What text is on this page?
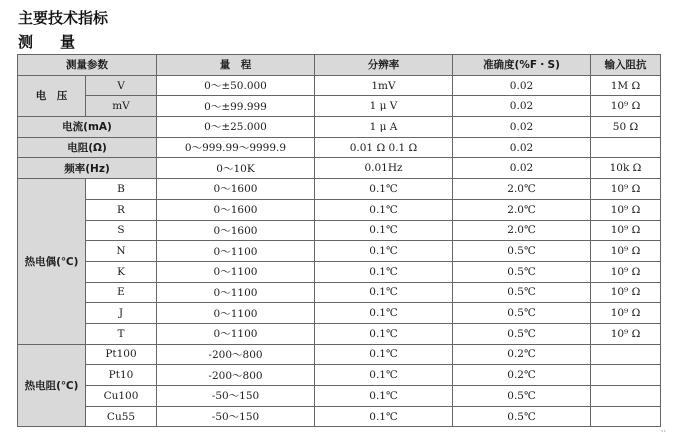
主要技术指标
测　量
测量参数		量　程	分辨率	准确度(%F・S)	输入阻抗
电　压	V	0～±50.000	1mV	0.02	1M Ω
	mV	0～±99.999	1 μ V	0.02	10⁹ Ω
电流(mA)		0～±25.000	1 μ A	0.02	50 Ω
电阻(Ω)		0～999.99～9999.9	0.01 Ω 0.1 Ω	0.02	
频率(Hz)		0～10K	0.01Hz	0.02	10k Ω
热电偶(℃)	B	0～1600	0.1℃	2.0℃	10⁹ Ω
	R	0～1600	0.1℃	2.0℃	10⁹ Ω
	S	0～1600	0.1℃	2.0℃	10⁹ Ω
	N	0～1100	0.1℃	0.5℃	10⁹ Ω
	K	0～1100	0.1℃	0.5℃	10⁹ Ω
	E	0～1100	0.1℃	0.5℃	10⁹ Ω
	J	0～1100	0.1℃	0.5℃	10⁹ Ω
	T	0～1100	0.1℃	0.5℃	10⁹ Ω
热电阻(℃)	Pt100	-200～800	0.1℃	0.2℃	
	Pt10	-200～800	0.1℃	0.2℃	
	Cu100	-50～150	0.1℃	0.5℃	
	Cu55	-50～150	0.1℃	0.5℃	
··
